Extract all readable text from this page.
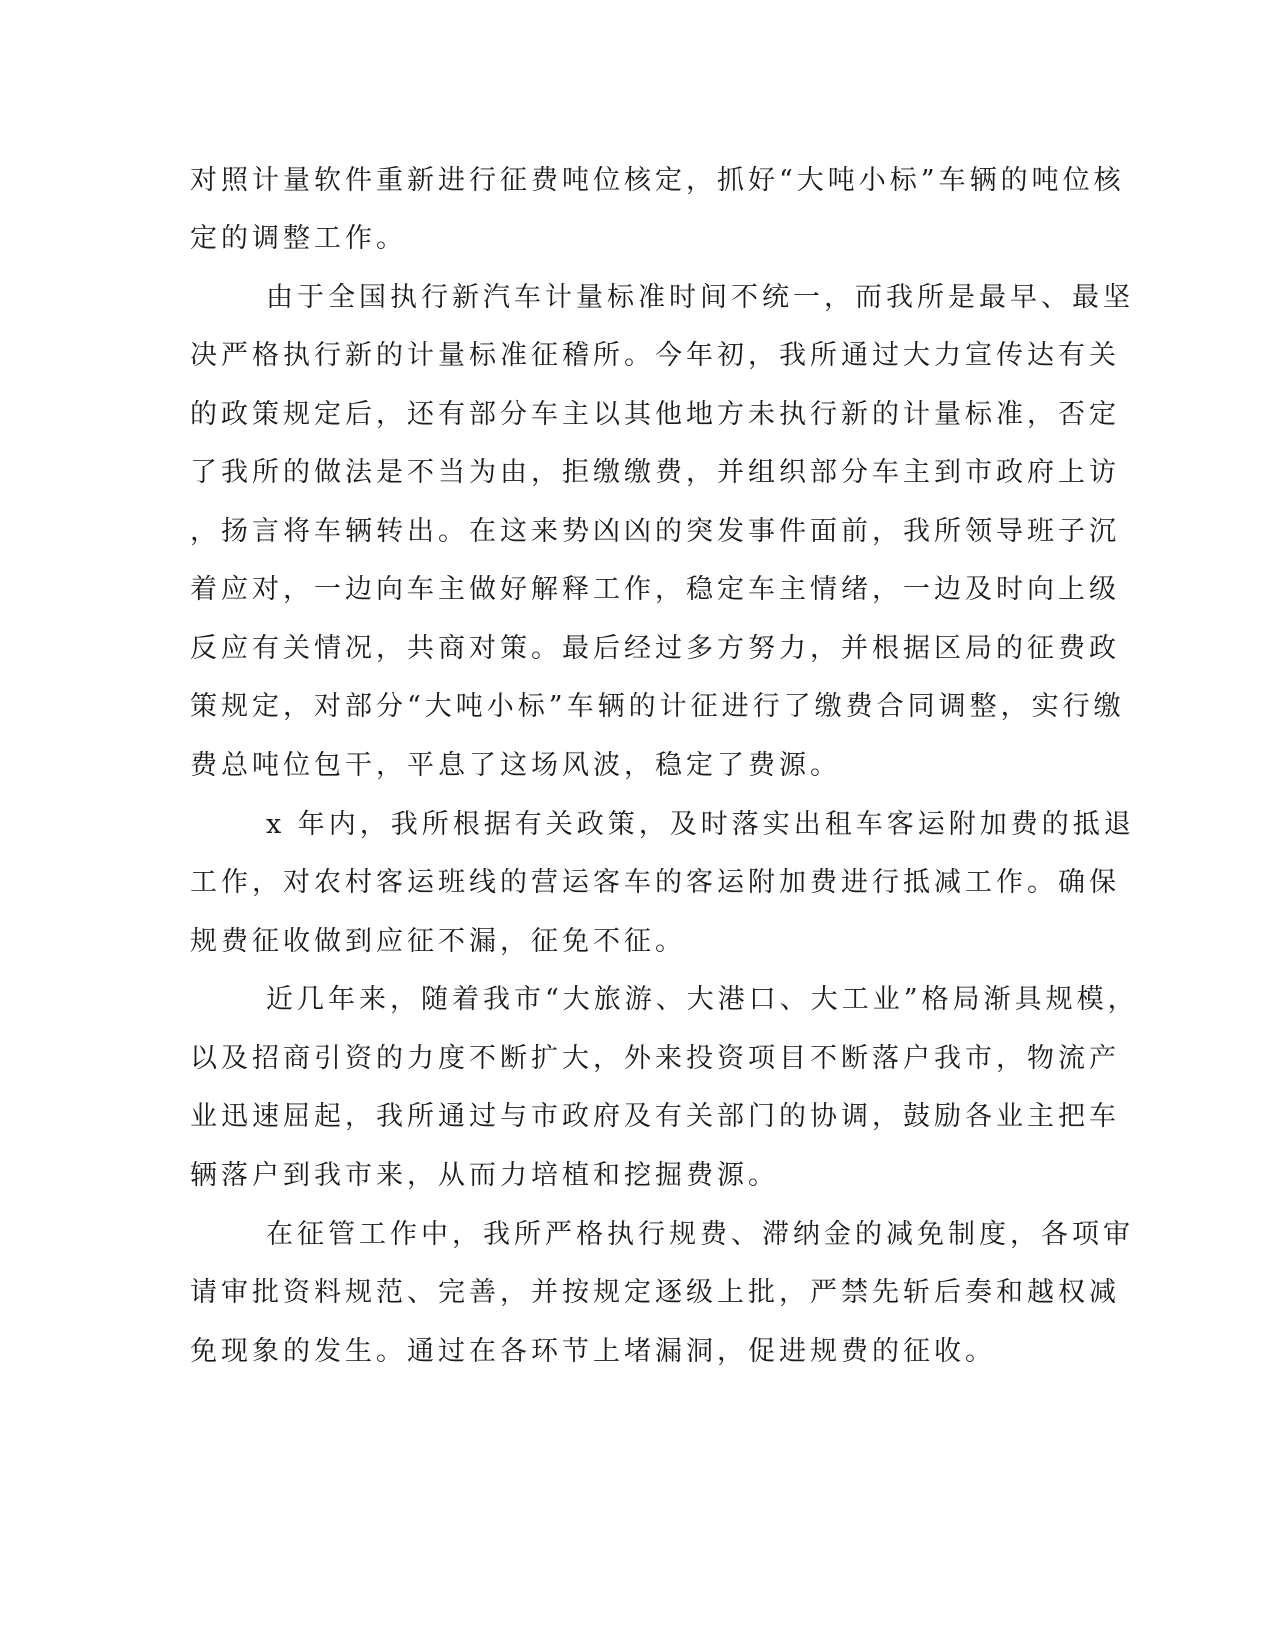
对照计量软件重新进行征费吨位核定，抓好“大吨小标”车辆的吨位核
定的调整工作。
由于全国执行新汽车计量标准时间不统一，而我所是最早、最坚
决严格执行新的计量标准征稽所。今年初，我所通过大力宣传达有关
的政策规定后，还有部分车主以其他地方未执行新的计量标准，否定
了我所的做法是不当为由，拒缴缴费，并组织部分车主到市政府上访
，扬言将车辆转出。在这来势凶凶的突发事件面前，我所领导班子沉
着应对，一边向车主做好解释工作，稳定车主情绪，一边及时向上级
反应有关情况，共商对策。最后经过多方努力，并根据区局的征费政
策规定，对部分“大吨小标”车辆的计征进行了缴费合同调整，实行缴
费总吨位包干，平息了这场风波，稳定了费源。
x 年内，我所根据有关政策，及时落实出租车客运附加费的抵退
工作，对农村客运班线的营运客车的客运附加费进行抵减工作。确保
规费征收做到应征不漏，征免不征。
近几年来，随着我市“大旅游、大港口、大工业”格局渐具规模，
以及招商引资的力度不断扩大，外来投资项目不断落户我市，物流产
业迅速屈起，我所通过与市政府及有关部门的协调，鼓励各业主把车
辆落户到我市来，从而力培植和挖掘费源。
在征管工作中，我所严格执行规费、滞纳金的减免制度，各项审
请审批资料规范、完善，并按规定逐级上批，严禁先斩后奏和越权减
免现象的发生。通过在各环节上堵漏洞，促进规费的征收。
